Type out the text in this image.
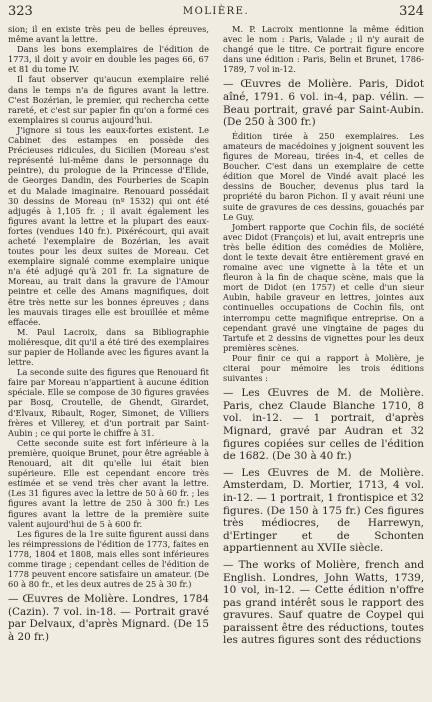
323	MOLIÈRE.	324

sion; il en existe très peu de belles épreuves, même avant la lettre.

Dans les bons exemplaires de l'édition de 1773, il doit y avoir en double les pages 66, 67 et 81 du tome IV.

Il faut observer qu'aucun exemplaire relié dans le temps n'a de figures avant la lettre. C'est Bozérian, le premier, qui rechercha cette rareté, et c'est sur papier fin qu'on a formé ces exemplaires si courus aujourd'hui.

J'ignore si tous les eaux-fortes existent. Le Cabinet des estampes en possède des Précieuses ridicules, du Sicilien (Moreau s'est représenté lui-même dans le personnage du peintre), du prologue de la Princesse d'Élide, de Georges Dandin, des Fourberies de Scapin et du Malade imaginaire. Renouard possédait 30 dessins de Moreau (nº 1532) qui ont été adjugés à 1,105 fr. ; il avait également les figures avant la lettre et la plupart des eaux-fortes (vendues 140 fr.). Pixérécourt, qui avait acheté l'exemplaire de Bozérian, les avait toutes pour les deux suites de Moreau. Cet exemplaire signalé comme exemplaire unique n'a été adjugé qu'à 201 fr. La signature de Moreau, au trait dans la gravure de l'Amour peintre et celle des Amans magnifiques, doit être très nette sur les bonnes épreuves ; dans les mauvais tirages elle est brouillée et même effacée.

M. Paul Lacroix, dans sa Bibliographie moliéresque, dit qu'il a été tiré des exemplaires sur papier de Hollande avec les figures avant la lettre.

La seconde suite des figures que Renouard fit faire par Moreau n'appartient à aucune édition spéciale. Elle se compose de 30 figures gravées par Bosq, Croutelle, de Ghendt, Girardet, d'Elvaux, Ribault, Roger, Simonet, de Villiers frères et Villerey, et d'un portrait par Saint-Aubin ; ce qui porte le chiffre à 31.

Cette seconde suite est fort inférieure à la première, quoique Brunet, pour être agréable à Renouard, ait dit qu'elle lui était bien supérieure. Elle est cependant encore très estimée et se vend très cher avant la lettre. (Les 31 figures avec la lettre de 50 à 60 fr. ; les figures avant la lettre de 250 à 300 fr.) Les figures avant la lettre de la première suite valent aujourd'hui de 5 à 600 fr.

Les figures de la 1re suite figurent aussi dans les réimpressions de l'édition de 1773, faites en 1778, 1804 et 1808, mais elles sont inférieures comme tirage ; cependant celles de l'édition de 1778 peuvent encore satisfaire un amateur. (De 60 à 80 fr., et les deux autres de 25 à 30 fr.)

— Œuvres de Molière. Londres, 1784 (Cazin). 7 vol. in-18. — Portrait gravé par Delvaux, d'après Mignard. (De 15 à 20 fr.)

M. P. Lacroix mentionne la même édition avec le nom : Paris, Valade ; il n'y aurait de changé que le titre. Ce portrait figure encore dans une édition : Paris, Belin et Brunet, 1786-1789, 7 vol in-12.

— Œuvres de Molière. Paris, Didot aîné, 1791. 6 vol. in-4, pap. vélin. — Beau portrait, gravé par Saint-Aubin. (De 250 à 300 fr.)

Édition tirée à 250 exemplaires. Les amateurs de macédoines y joignent souvent les figures de Moreau, tirées in-4, et celles de Boucher. C'est dans un exemplaire de cette édition que Morel de Vindé avait placé les dessins de Boucher, devenus plus tard la propriété du baron Pichon. Il y avait réuni une suite de gravures de ces dessins, gouachés par Le Guy.

Jombert rapporte que Cochin fils, de société avec Didot (François) et lui, avait entrepris une très belle édition des comédies de Molière, dont le texte devait être entièrement gravé en romaine avec une vignette à la tête et un fleuron à la fin de chaque scène, mais que la mort de Didot (en 1757) et celle d'un sieur Aubin, habile graveur en lettres, jointes aux continuelles occupations de Cochin fils, ont interrompu cette magnifique entreprise. On a cependant gravé une vingtaine de pages du Tartufe et 2 dessins de vignettes pour les deux premières scènes.

Pour finir ce qui a rapport à Molière, je citerai pour mémoire les trois éditions suivantes :

— Les Œuvres de M. de Molière. Paris, chez Claude Blanche 1710, 8 vol. in-12. — 1 portrait, d'après Mignard, gravé par Audran et 32 figures copiées sur celles de l'édition de 1682. (De 30 à 40 fr.)
— Les Œuvres de M. de Molière. Amsterdam, D. Mortier, 1713, 4 vol. in-12. — 1 portrait, 1 frontispice et 32 figures. (De 150 à 175 fr.) Ces figures très médiocres, de Harrewyn, d'Ertinger et de Schonten appartiennent au XVIIe siècle.
— The works of Molière, french and English. Londres, John Watts, 1739, 10 vol, in-12. — Cette édition n'offre pas grand intérêt sous le rapport des gravures. Sauf quatre de Coypel qui paraissent être des réductions, toutes les autres figures sont des réductions
